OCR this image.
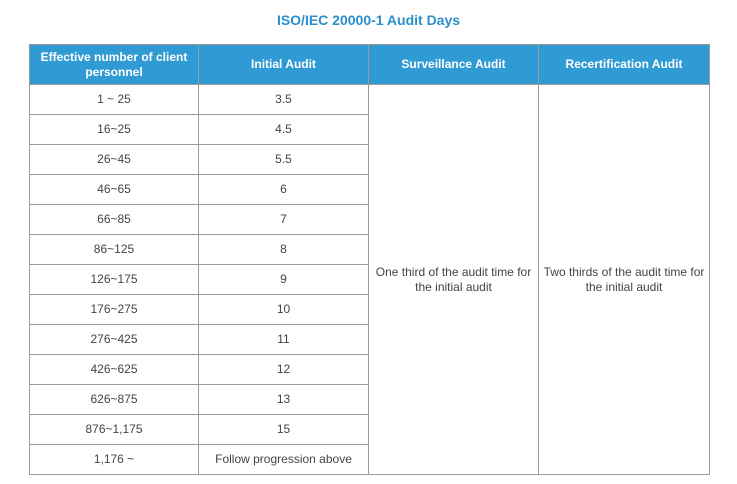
ISO/IEC 20000-1 Audit Days
Effective number of client personnel	Initial Audit	Surveillance Audit	Recertification Audit
1 ~ 25	3.5	One third of the audit time for the initial audit	Two thirds of the audit time for the initial audit
16~25	4.5		
26~45	5.5		
46~65	6		
66~85	7		
86~125	8		
126~175	9		
176~275	10		
276~425	11		
426~625	12		
626~875	13		
876~1,175	15		
1,176 ~	Follow progression above		
